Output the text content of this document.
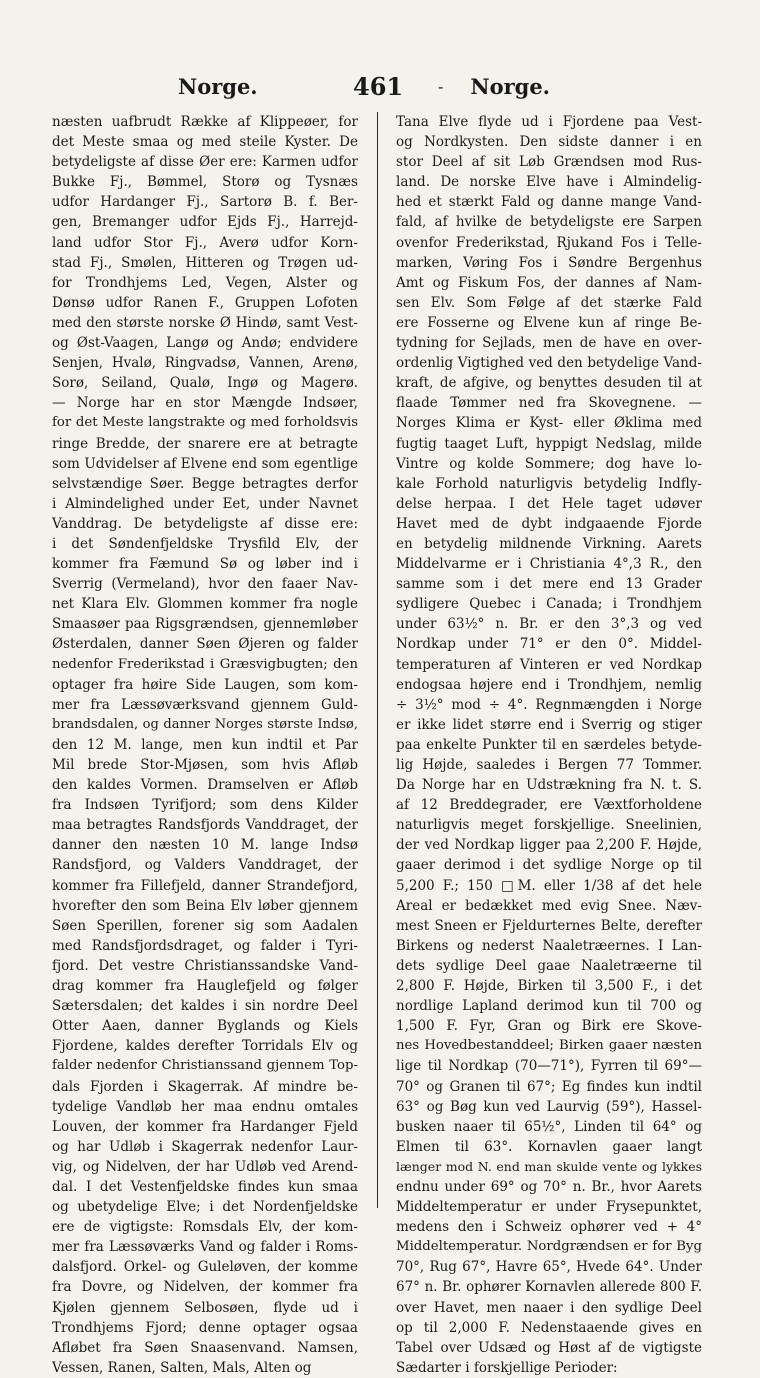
Norge.	461 - Norge.
næsten uafbrudt Række af Klippeøer, for
det Meste smaa og med steile Kyster. De
betydeligste af disse Øer ere: Karmen udfor
Bukke Fj., Bømmel, Storø og Tysnæs
udfor Hardanger Fj., Sartorø B. f. Ber-
gen, Bremanger udfor Ejds Fj., Harrejd-
land udfor Stor Fj., Averø udfor Korn-
stad Fj., Smølen, Hitteren og Trøgen ud-
for Trondhjems Led, Vegen, Alster og
Dønsø udfor Ranen F., Gruppen Lofoten
med den største norske Ø Hindø, samt Vest-
og Øst-Vaagen, Langø og Andø; endvidere
Senjen, Hvalø, Ringvadsø, Vannen, Arenø,
Sorø, Seiland, Qualø, Ingø og Magerø.
— Norge har en stor Mængde Indsøer,
for det Meste langstrakte og med forholdsvis
ringe Bredde, der snarere ere at betragte
som Udvidelser af Elvene end som egentlige
selvstændige Søer. Begge betragtes derfor
i Almindelighed under Eet, under Navnet
Vanddrag. De betydeligste af disse ere:
i det Søndenfjeldske Trysfild Elv, der
kommer fra Fæmund Sø og løber ind i
Sverrig (Vermeland), hvor den faaer Nav-
net Klara Elv. Glommen kommer fra nogle
Smaasøer paa Rigsgrændsen, gjennemløber
Østerdalen, danner Søen Øjeren og falder
nedenfor Frederikstad i Græsvigbugten; den
optager fra høire Side Laugen, som kom-
mer fra Læssøværksvand gjennem Guld-
brandsdalen, og danner Norges største Indsø,
den 12 M. lange, men kun indtil et Par
Mil brede Stor-Mjøsen, som hvis Afløb
den kaldes Vormen. Dramselven er Afløb
fra Indsøen Tyrifjord; som dens Kilder
maa betragtes Randsfjords Vanddraget, der
danner den næsten 10 M. lange Indsø
Randsfjord, og Valders Vanddraget, der
kommer fra Fillefjeld, danner Strandefjord,
hvorefter den som Beina Elv løber gjennem
Søen Sperillen, forener sig som Aadalen
med Randsfjordsdraget, og falder i Tyri-
fjord. Det vestre Christianssandske Vand-
drag kommer fra Hauglefjeld og følger
Sætersdalen; det kaldes i sin nordre Deel
Otter Aaen, danner Byglands og Kiels
Fjordene, kaldes derefter Torridals Elv og
falder nedenfor Christianssand gjennem Top-
dals Fjorden i Skagerrak. Af mindre be-
tydelige Vandløb her maa endnu omtales
Louven, der kommer fra Hardanger Fjeld
og har Udløb i Skagerrak nedenfor Laur-
vig, og Nidelven, der har Udløb ved Arend-
dal. I det Vestenfjeldske findes kun smaa
og ubetydelige Elve; i det Nordenfjeldske
ere de vigtigste: Romsdals Elv, der kom-
mer fra Læssøværks Vand og falder i Roms-
dalsfjord. Orkel- og Guleløven, der komme
fra Dovre, og Nidelven, der kommer fra
Kjølen gjennem Selbosøen, flyde ud i
Trondhjems Fjord; denne optager ogsaa
Afløbet fra Søen Snaasenvand. Namsen,
Vessen, Ranen, Salten, Mals, Alten og
Tana Elve flyde ud i Fjordene paa Vest-
og Nordkysten. Den sidste danner i en
stor Deel af sit Løb Grændsen mod Rus-
land. De norske Elve have i Almindelig-
hed et stærkt Fald og danne mange Vand-
fald, af hvilke de betydeligste ere Sarpen
ovenfor Frederikstad, Rjukand Fos i Telle-
marken, Vøring Fos i Søndre Bergenhus
Amt og Fiskum Fos, der dannes af Nam-
sen Elv. Som Følge af det stærke Fald
ere Fosserne og Elvene kun af ringe Be-
tydning for Sejlads, men de have en over-
ordenlig Vigtighed ved den betydelige Vand-
kraft, de afgive, og benyttes desuden til at
flaade Tømmer ned fra Skovegnene. —
Norges Klima er Kyst- eller Øklima med
fugtig taaget Luft, hyppigt Nedslag, milde
Vintre og kolde Sommere; dog have lo-
kale Forhold naturligvis betydelig Indfly-
delse herpaa. I det Hele taget udøver
Havet med de dybt indgaaende Fjorde
en betydelig mildnende Virkning. Aarets
Middelvarme er i Christiania 4°,3 R., den
samme som i det mere end 13 Grader
sydligere Quebec i Canada; i Trondhjem
under 63½° n. Br. er den 3°,3 og ved
Nordkap under 71° er den 0°. Middel-
temperaturen af Vinteren er ved Nordkap
endogsaa højere end i Trondhjem, nemlig
÷ 3½° mod ÷ 4°. Regnmængden i Norge
er ikke lidet større end i Sverrig og stiger
paa enkelte Punkter til en særdeles betyde-
lig Højde, saaledes i Bergen 77 Tommer.
Da Norge har en Udstrækning fra N. t. S.
af 12 Breddegrader, ere Væxtforholdene
naturligvis meget forskjellige. Sneelinien,
der ved Nordkap ligger paa 2,200 F. Højde,
gaaer derimod i det sydlige Norge op til
5,200 F.; 150 □M. eller 1/38 af det hele
Areal er bedækket med evig Snee. Næv-
mest Sneen er Fjeldurternes Belte, derefter
Birkens og nederst Naaletræernes. I Lan-
dets sydlige Deel gaae Naaletræerne til
2,800 F. Højde, Birken til 3,500 F., i det
nordlige Lapland derimod kun til 700 og
1,500 F. Fyr, Gran og Birk ere Skove-
nes Hovedbestanddeel; Birken gaaer næsten
lige til Nordkap (70—71°), Fyrren til 69°—
70° og Granen til 67°; Eg findes kun indtil
63° og Bøg kun ved Laurvig (59°), Hassel-
busken naaer til 65½°, Linden til 64° og
Elmen til 63°. Kornavlen gaaer langt
længer mod N. end man skulde vente og lykkes
endnu under 69° og 70° n. Br., hvor Aarets
Middeltemperatur er under Frysepunktet,
medens den i Schweiz ophører ved + 4°
Middeltemperatur. Nordgrændsen er for Byg
70°, Rug 67°, Havre 65°, Hvede 64°. Under
67° n. Br. ophører Kornavlen allerede 800 F.
over Havet, men naaer i den sydlige Deel
op til 2,000 F. Nedenstaaende gives en
Tabel over Udsæd og Høst af de vigtigste
Sædarter i forskjellige Perioder:
